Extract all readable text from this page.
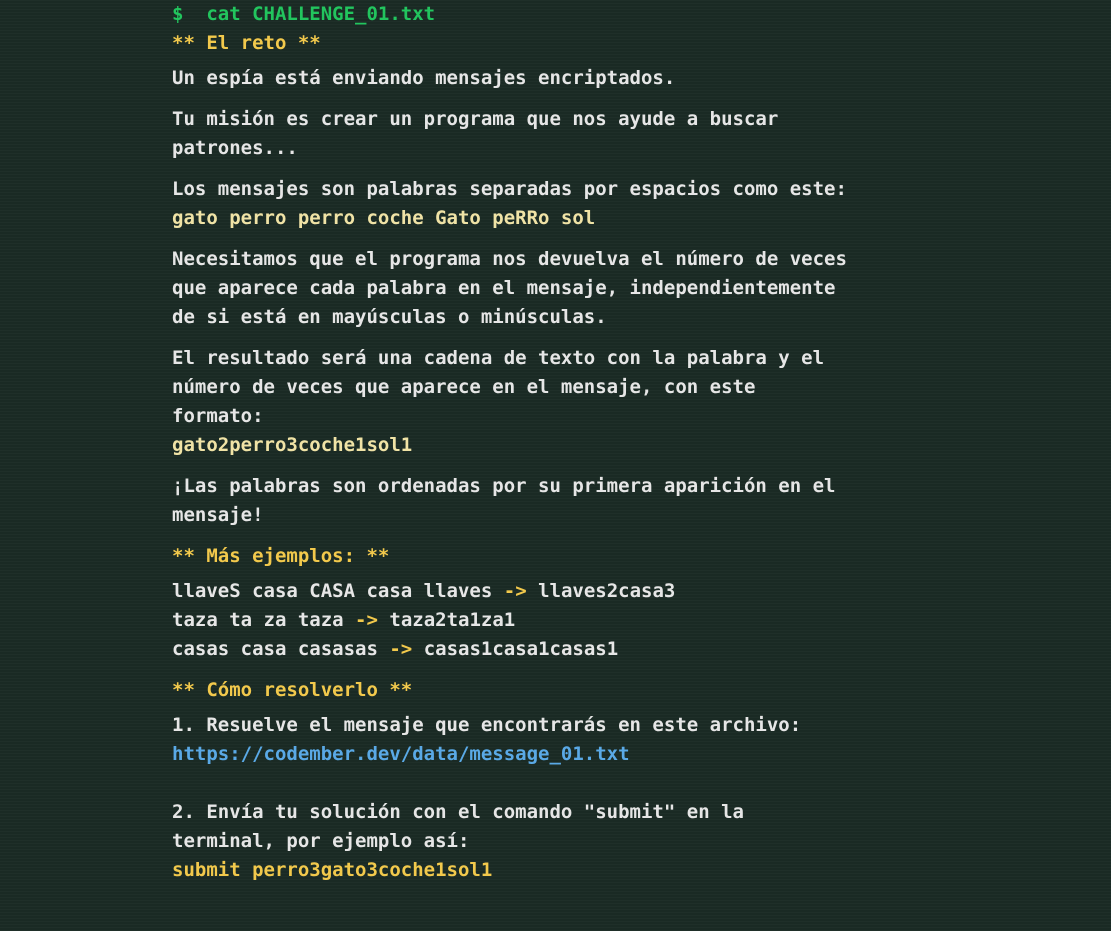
$ cat CHALLENGE_01.txt
** El reto **
Un espía está enviando mensajes encriptados.
Tu misión es crear un programa que nos ayude a buscar
patrones...
Los mensajes son palabras separadas por espacios como este:
gato perro perro coche Gato peRRo sol
Necesitamos que el programa nos devuelva el número de veces
que aparece cada palabra en el mensaje, independientemente
de si está en mayúsculas o minúsculas.
El resultado será una cadena de texto con la palabra y el
número de veces que aparece en el mensaje, con este
formato:
gato2perro3coche1sol1
¡Las palabras son ordenadas por su primera aparición en el
mensaje!
** Más ejemplos: **
llaveS casa CASA casa llaves -> llaves2casa3
taza ta za taza -> taza2ta1za1
casas casa casasas -> casas1casa1casas1
** Cómo resolverlo **
1. Resuelve el mensaje que encontrarás en este archivo:
https://codember.dev/data/message_01.txt
2. Envía tu solución con el comando "submit" en la
terminal, por ejemplo así:
submit perro3gato3coche1sol1
